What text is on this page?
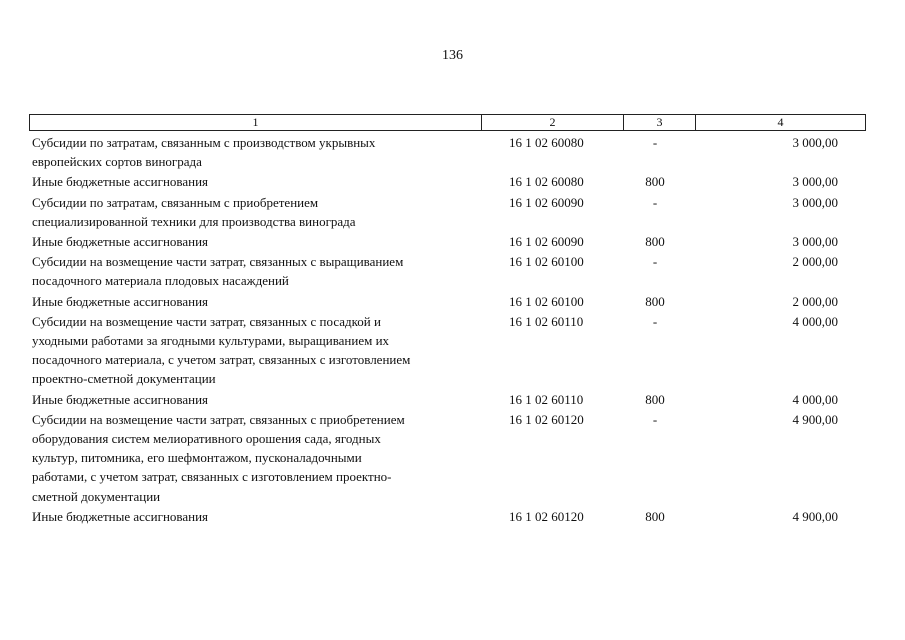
136
1	2	3	4
Субсидии по затратам, связанным с производством укрывных
европейских сортов винограда
16 1 02 60080	-	3 000,00
Иные бюджетные ассигнования	16 1 02 60080	800	3 000,00
Субсидии по затратам, связанным с приобретением
специализированной техники для производства винограда
16 1 02 60090	-	3 000,00
Иные бюджетные ассигнования	16 1 02 60090	800	3 000,00
Субсидии на возмещение части затрат, связанных с выращиванием
посадочного материала плодовых насаждений
16 1 02 60100	-	2 000,00
Иные бюджетные ассигнования	16 1 02 60100	800	2 000,00
Субсидии на возмещение части затрат, связанных с посадкой и
уходными работами за ягодными культурами, выращиванием их
посадочного материала, с учетом затрат, связанных с изготовлением
проектно-сметной документации
16 1 02 60110	-	4 000,00
Иные бюджетные ассигнования	16 1 02 60110	800	4 000,00
Субсидии на возмещение части затрат, связанных с приобретением
оборудования систем мелиоративного орошения сада, ягодных
культур, питомника, его шефмонтажом, пусконаладочными
работами, с учетом затрат, связанных с изготовлением проектно-
сметной документации
16 1 02 60120	-	4 900,00
Иные бюджетные ассигнования	16 1 02 60120	800	4 900,00
